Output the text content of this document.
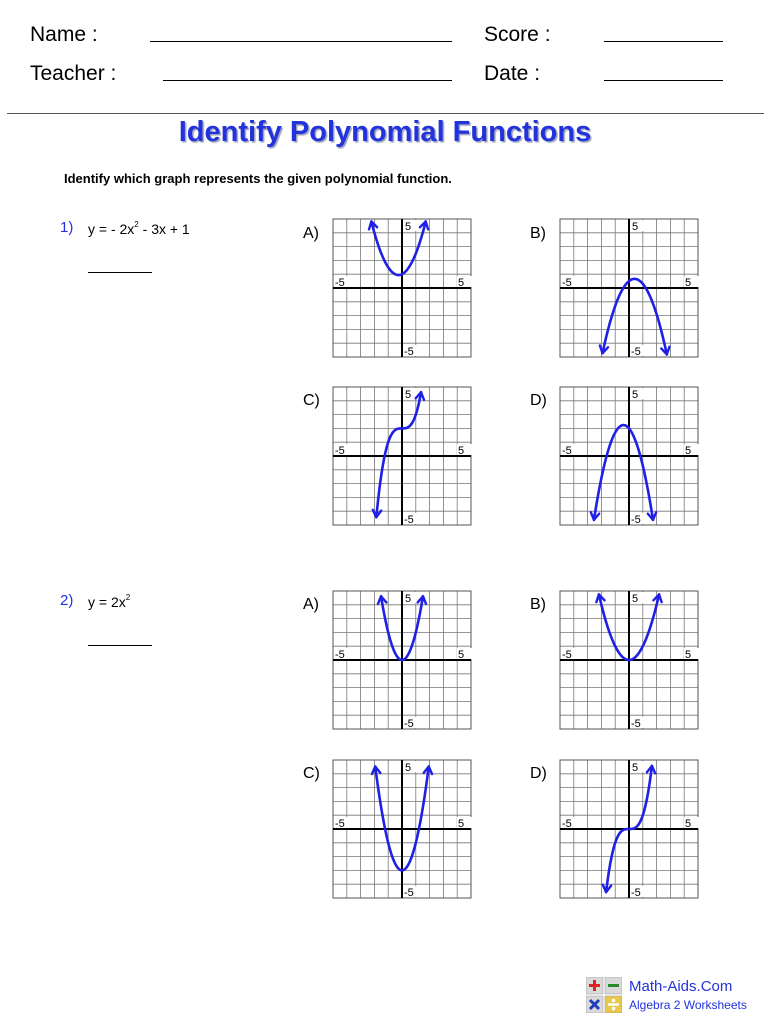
Name :	Score :
Teacher :	Date :
Identify Polynomial Functions
Identify which graph represents the given polynomial function.
1) y = - $2x^2 - 3x + 1$	A)
-5	5
5
-5
B)
-5	5
5
-5
C)
-5	5
5
-5
D)
-5	5
5
-5
2) $y = 2x^2$	A)
-5	5
5
-5
B)
-5	5
5
-5
C)
-5	5
5
-5
D)
-5	5
5
-5
Math-Aids.Com
Algebra 2 Worksheets
